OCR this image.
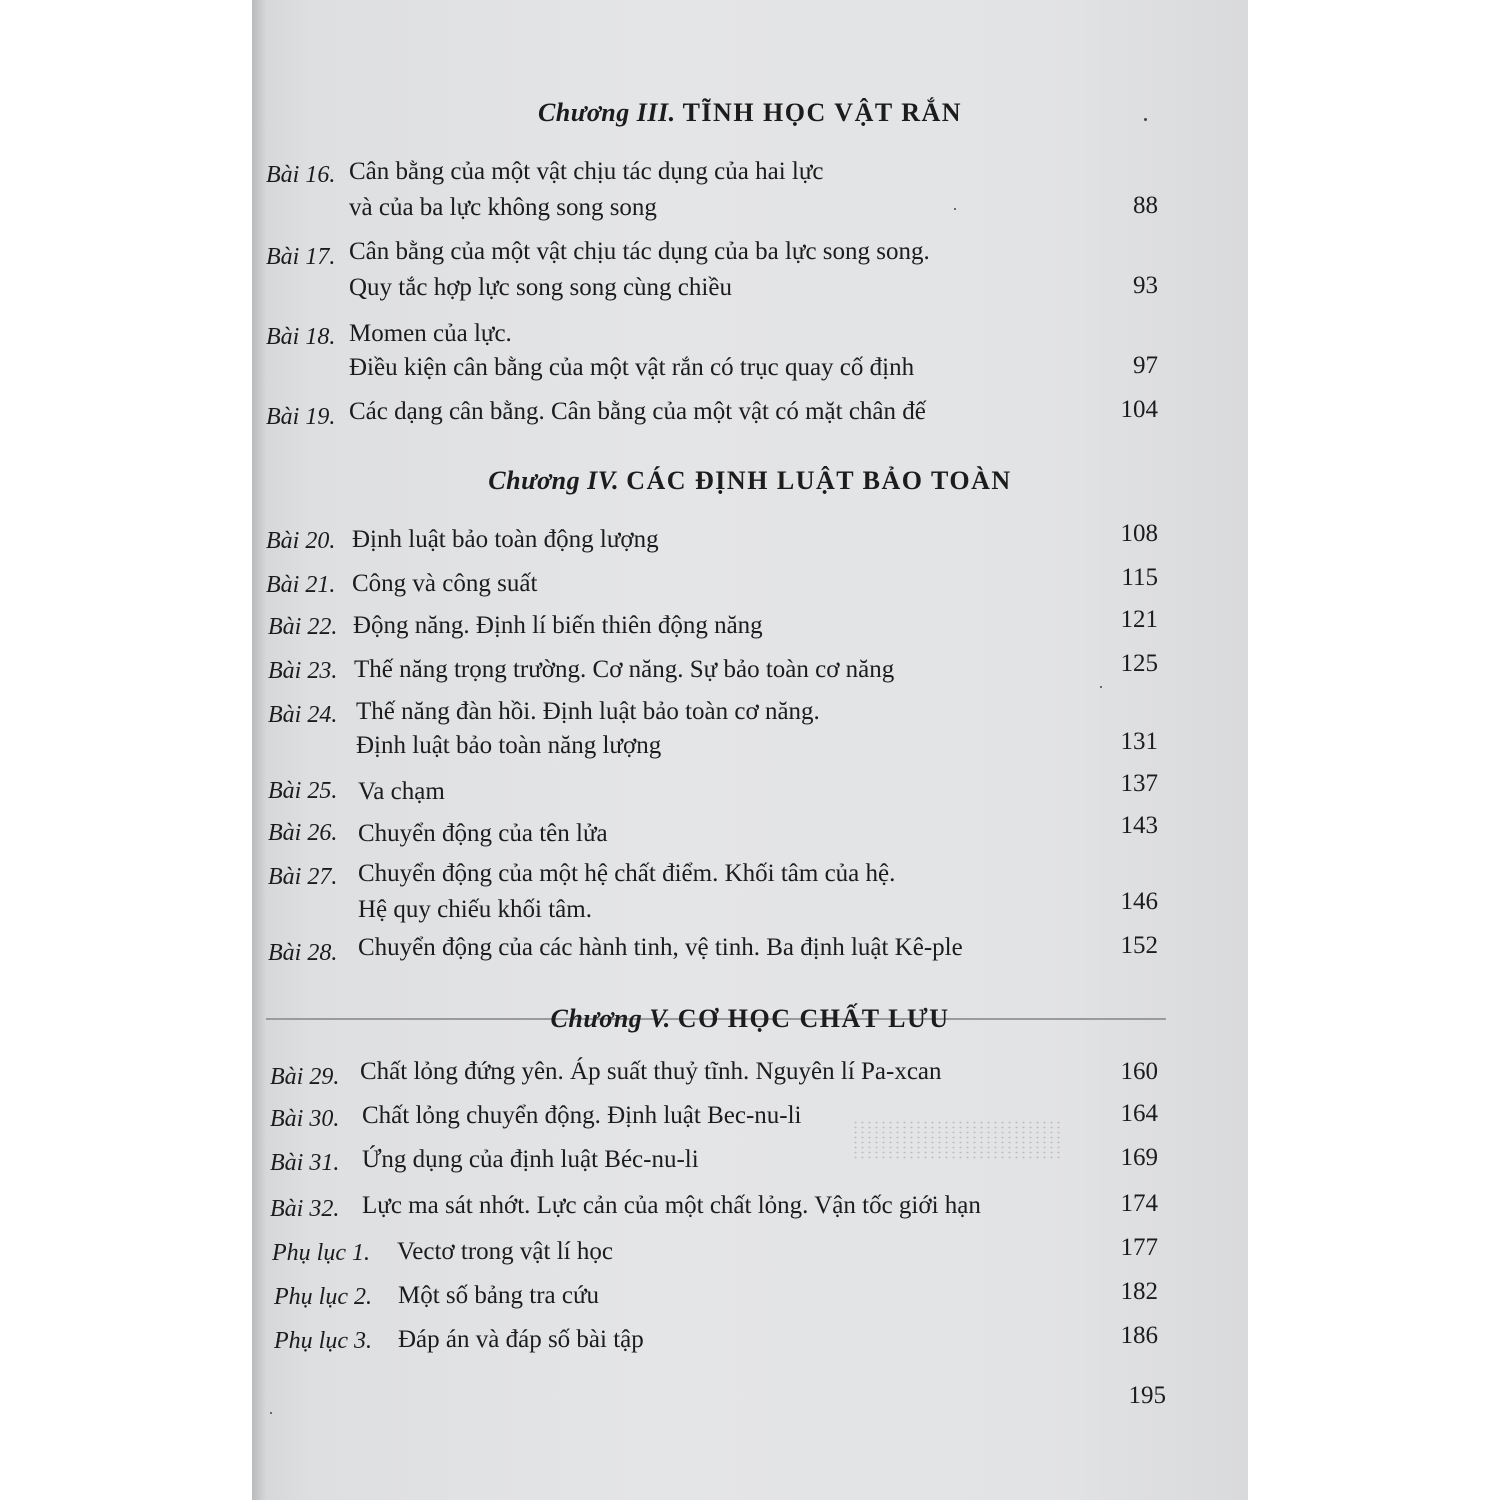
Chương III. TĨNH HỌC VẬT RẮN
Bài 16. Cân bằng của một vật chịu tác dụng của hai lực
và của ba lực không song song	88
Bài 17. Cân bằng của một vật chịu tác dụng của ba lực song song.
Quy tắc hợp lực song song cùng chiều	93
Bài 18. Momen của lực.
Điều kiện cân bằng của một vật rắn có trục quay cố định	97
Bài 19. Các dạng cân bằng. Cân bằng của một vật có mặt chân đế	104
Chương IV. CÁC ĐỊNH LUẬT BẢO TOÀN
Bài 20. Định luật bảo toàn động lượng	108
Bài 21. Công và công suất	115
Bài 22. Động năng. Định lí biến thiên động năng	121
Bài 23. Thế năng trọng trường. Cơ năng. Sự bảo toàn cơ năng	125
Bài 24. Thế năng đàn hồi. Định luật bảo toàn cơ năng.
Định luật bảo toàn năng lượng	131
Bài 25. Va chạm	137
Bài 26. Chuyển động của tên lửa	143
Bài 27. Chuyển động của một hệ chất điểm. Khối tâm của hệ.
Hệ quy chiếu khối tâm.	146
Bài 28. Chuyển động của các hành tinh, vệ tinh. Ba định luật Kê-ple	152
Chương V. CƠ HỌC CHẤT LƯU
Bài 29. Chất lỏng đứng yên. Áp suất thuỷ tĩnh. Nguyên lí Pa-xcan	160
Bài 30. Chất lỏng chuyển động. Định luật Bec-nu-li	164
Bài 31. Ứng dụng của định luật Béc-nu-li	169
Bài 32. Lực ma sát nhớt. Lực cản của một chất lỏng. Vận tốc giới hạn	174
Phụ lục 1. Vectơ trong vật lí học	177
Phụ lục 2. Một số bảng tra cứu	182
Phụ lục 3. Đáp án và đáp số bài tập	186
195
